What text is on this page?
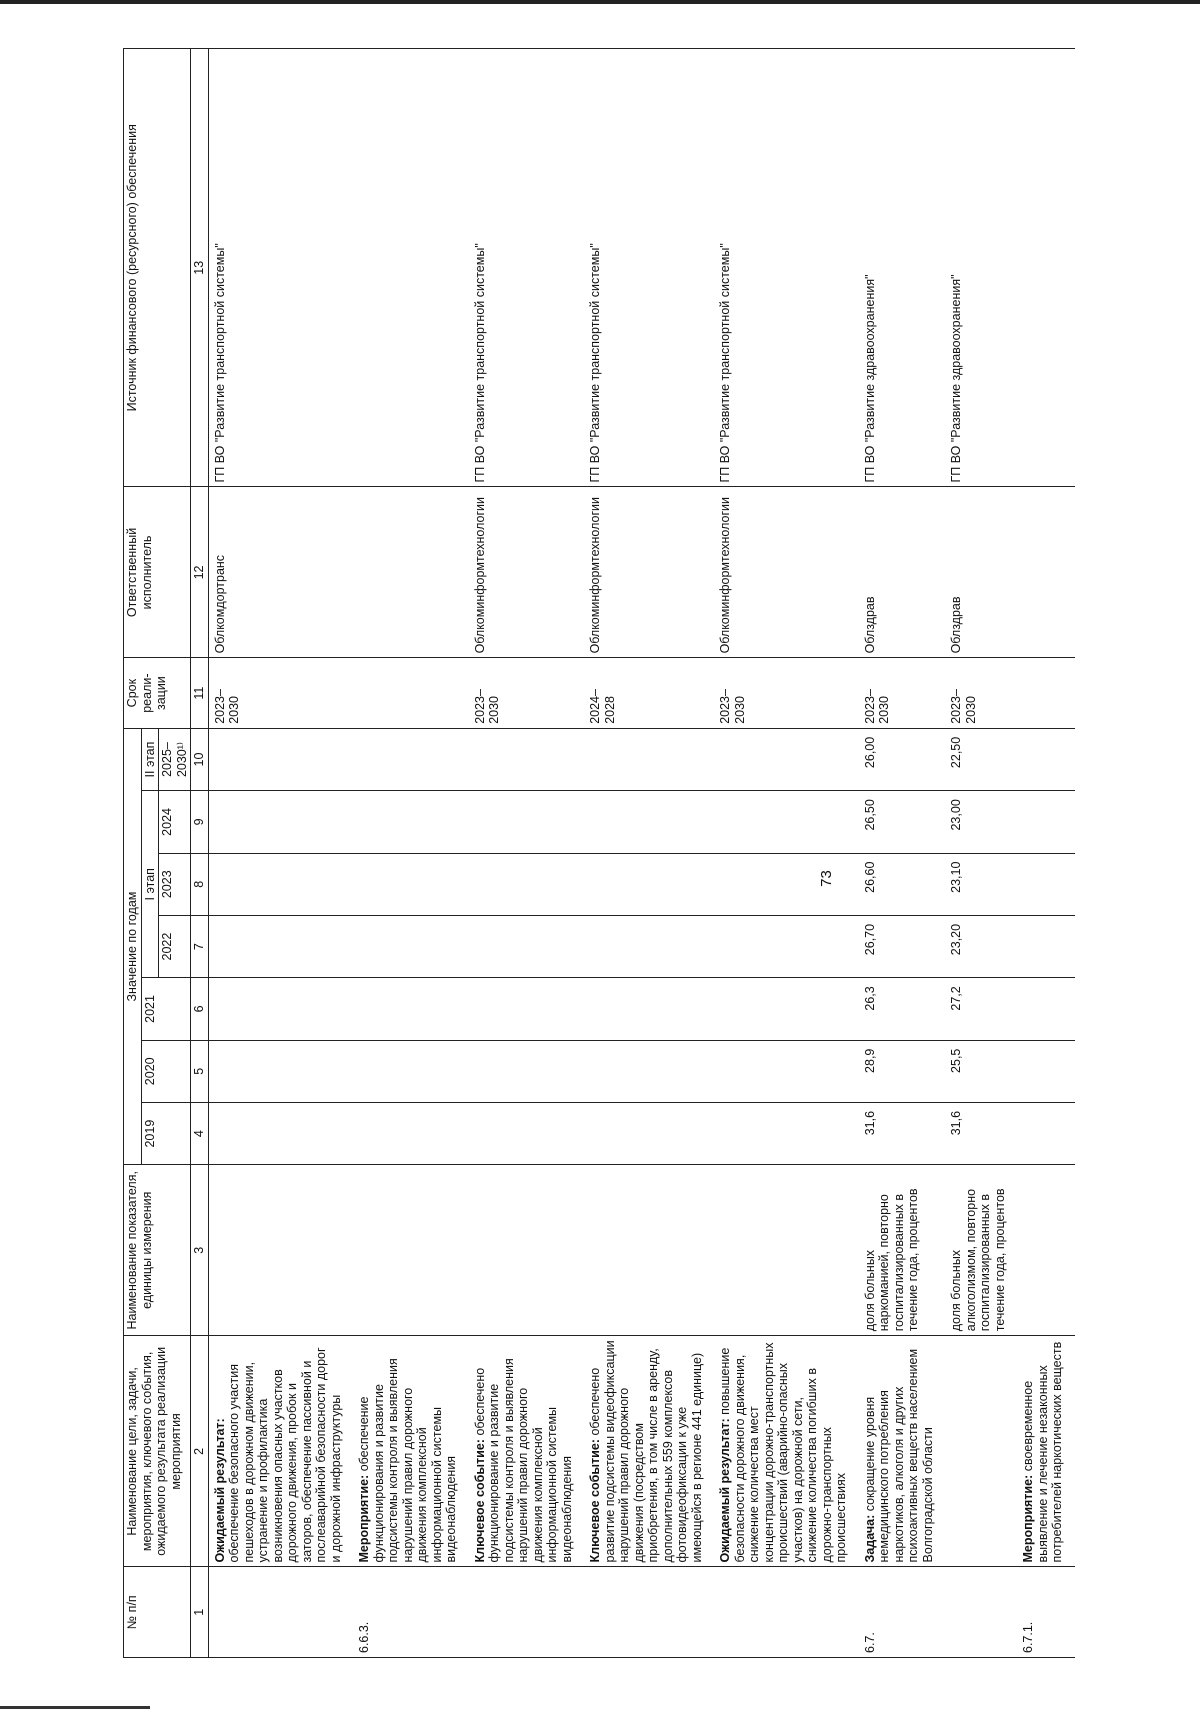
73
№ п/п	Наименование цели, задачи, мероприятия, ключевого события, ожидаемого результата реализации мероприятия	Наименование показателя, единицы измерения	Значение по годам							Срок реали-зации	Ответственный исполнитель	Источник финансового (ресурсного) обеспечения
			2019	2020	2021	I этап			II этап			
						2022	2023	2024	2025–2030¹⁾			
1	2	3	4	5	6	7	8	9	10	11	12	13
	Ожидаемый результат: обеспечение безопасного участия пешеходов в дорожном движении, устранение и профилактика возникновения опасных участков дорожного движения, пробок и заторов, обеспечение пассивной и послеаварийной безопасности дорог и дорожной инфраструктуры									2023–2030	Облкомдортранс	ГП ВО "Развитие транспортной системы"
6.6.3.	Мероприятие: обеспечение функционирования и развитие подсистемы контроля и выявления нарушений правил дорожного движения комплексной информационной системы видеонаблюдения											
	Ключевое событие: обеспечено функционирование и развитие подсистемы контроля и выявления нарушений правил дорожного движения комплексной информационной системы видеонаблюдения									2023–2030	Облкоминформтехнологии	ГП ВО "Развитие транспортной системы"
	Ключевое событие: обеспечено развитие подсистемы видеофиксации нарушений правил дорожного движения (посредством приобретения, в том числе в аренду, дополнительных 559 комплексов фотовидеофиксации к уже имеющейся в регионе 441 единице)									2024–2028	Облкоминформтехнологии	ГП ВО "Развитие транспортной системы"
	Ожидаемый результат: повышение безопасности дорожного движения, снижение количества мест концентрации дорожно-транспортных происшествий (аварийно-опасных участков) на дорожной сети, снижение количества погибших в дорожно-транспортных происшествиях									2023–2030	Облкоминформтехнологии	ГП ВО "Развитие транспортной системы"
6.7.	Задача: сокращение уровня немедицинского потребления наркотиков, алкоголя и других психоактивных веществ населением Волгоградской области	доля больных наркоманией, повторно госпитализированных в течение года, процентов	31,6	28,9	26,3	26,70	26,60	26,50	26,00	2023–2030	Облздрав	ГП ВО "Развитие здравоохранения"
		доля больных алкоголизмом, повторно госпитализированных в течение года, процентов	31,6	25,5	27,2	23,20	23,10	23,00	22,50	2023–2030	Облздрав	ГП ВО "Развитие здравоохранения"
6.7.1.	Мероприятие: своевременное выявление и лечение незаконных потребителей наркотических веществ											
